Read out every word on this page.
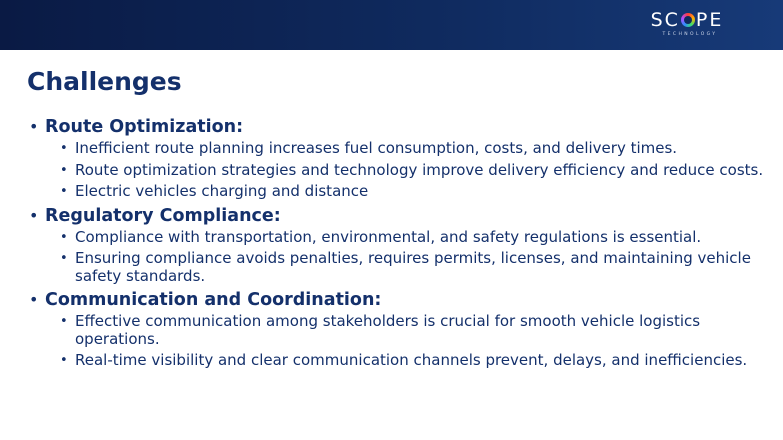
SC PE
TECHNOLOGY
Challenges
• Route Optimization:
• Inefficient route planning increases fuel consumption, costs, and delivery times.
• Route optimization strategies and technology improve delivery efficiency and reduce costs.
• Electric vehicles charging and distance
• Regulatory Compliance:
• Compliance with transportation, environmental, and safety regulations is essential.
• Ensuring compliance avoids penalties, requires permits, licenses, and maintaining vehicle safety standards.
• Communication and Coordination:
• Effective communication among stakeholders is crucial for smooth vehicle logistics operations.
• Real-time visibility and clear communication channels prevent, delays, and inefficiencies.
